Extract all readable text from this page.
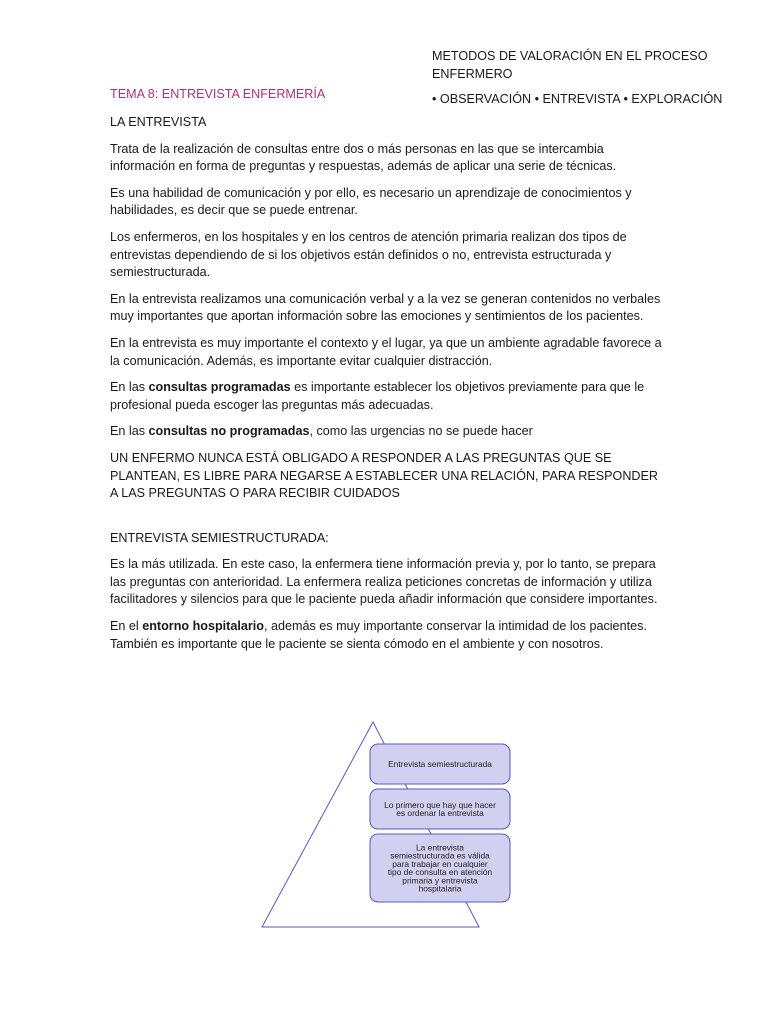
METODOS DE VALORACIÓN EN EL PROCESO ENFERMERO

• OBSERVACIÓN • ENTREVISTA • EXPLORACIÓN

TEMA 8: ENTREVISTA ENFERMERÍA

LA ENTREVISTA

Trata de la realización de consultas entre dos o más personas en las que se intercambia información en forma de preguntas y respuestas, además de aplicar una serie de técnicas.

Es una habilidad de comunicación y por ello, es necesario un aprendizaje de conocimientos y habilidades, es decir que se puede entrenar.

Los enfermeros, en los hospitales y en los centros de atención primaria realizan dos tipos de entrevistas dependiendo de si los objetivos están definidos o no, entrevista estructurada y semiestructurada.

En la entrevista realizamos una comunicación verbal y a la vez se generan contenidos no verbales muy importantes que aportan información sobre las emociones y sentimientos de los pacientes.

En la entrevista es muy importante el contexto y el lugar, ya que un ambiente agradable favorece a la comunicación. Además, es importante evitar cualquier distracción.

En las consultas programadas es importante establecer los objetivos previamente para que le profesional pueda escoger las preguntas más adecuadas.

En las consultas no programadas, como las urgencias no se puede hacer

UN ENFERMO NUNCA ESTÁ OBLIGADO A RESPONDER A LAS PREGUNTAS QUE SE PLANTEAN, ES LIBRE PARA NEGARSE A ESTABLECER UNA RELACIÓN, PARA RESPONDER A LAS PREGUNTAS O PARA RECIBIR CUIDADOS

ENTREVISTA SEMIESTRUCTURADA:

Es la más utilizada. En este caso, la enfermera tiene información previa y, por lo tanto, se prepara las preguntas con anterioridad. La enfermera realiza peticiones concretas de información y utiliza facilitadores y silencios para que le paciente pueda añadir información que considere importantes.

En el entorno hospitalario, además es muy importante conservar la intimidad de los pacientes. También es importante que le paciente se sienta cómodo en el ambiente y con nosotros.

Entrevista semiestructurada
Lo primero que hay que hacer
es ordenar la entrevista
La entrevista
semiestructurada es válida
para trabajar en cualquier
tipo de consulta en atención
primaria y entrevista
hospitalaria
